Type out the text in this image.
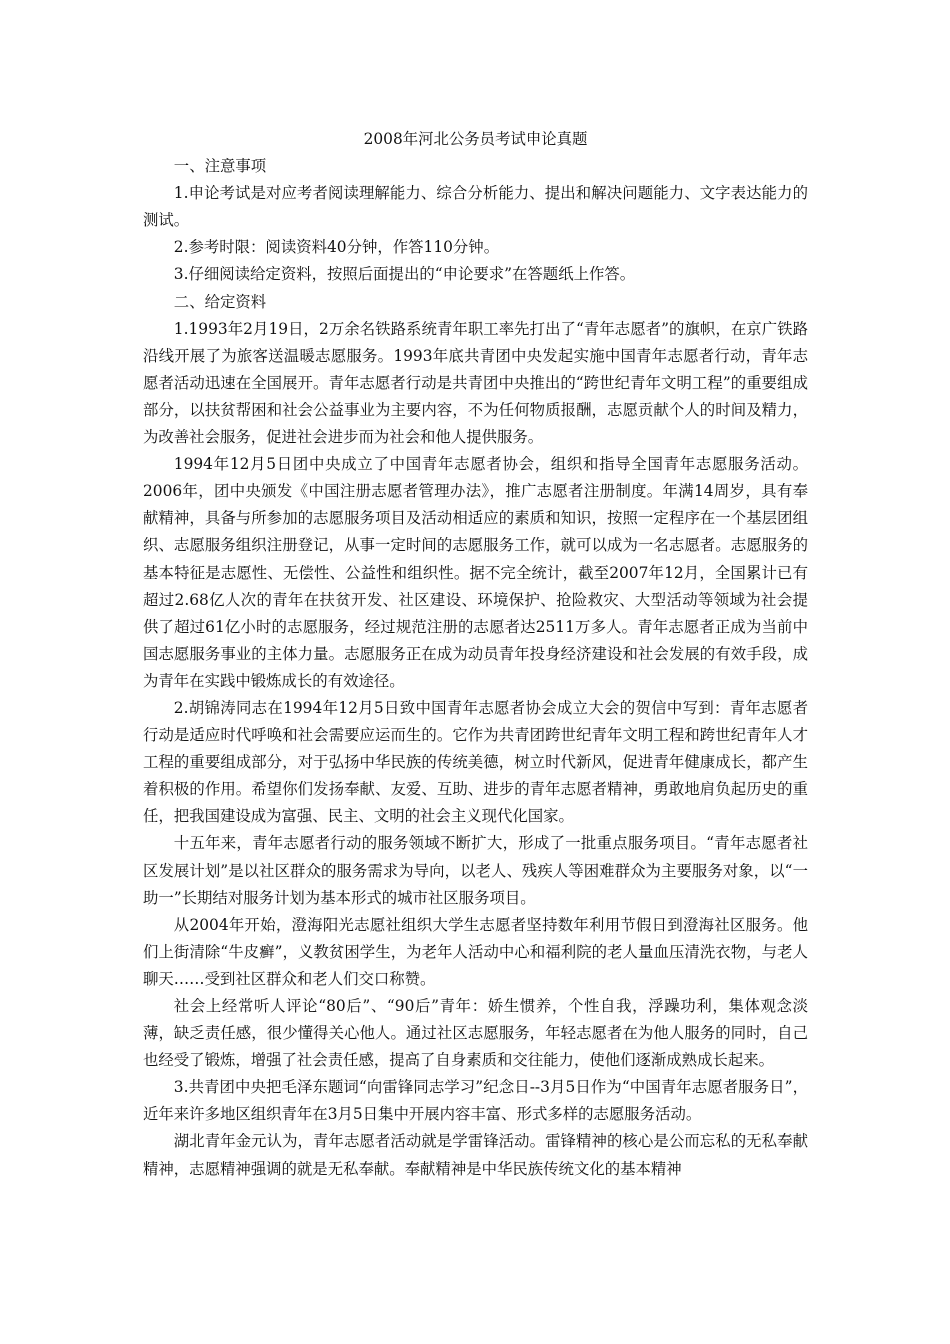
2008年河北公务员考试申论真题

一、注意事项

1.申论考试是对应考者阅读理解能力、综合分析能力、提出和解决问题能力、文字表达能力的测试。

2.参考时限：阅读资料40分钟，作答110分钟。

3.仔细阅读给定资料，按照后面提出的“申论要求”在答题纸上作答。

二、给定资料

1.1993年2月19日，2万余名铁路系统青年职工率先打出了“青年志愿者”的旗帜，在京广铁路沿线开展了为旅客送温暖志愿服务。1993年底共青团中央发起实施中国青年志愿者行动，青年志愿者活动迅速在全国展开。青年志愿者行动是共青团中央推出的“跨世纪青年文明工程”的重要组成部分，以扶贫帮困和社会公益事业为主要内容，不为任何物质报酬，志愿贡献个人的时间及精力，为改善社会服务，促进社会进步而为社会和他人提供服务。

1994年12月5日团中央成立了中国青年志愿者协会，组织和指导全国青年志愿服务活动。2006年，团中央颁发《中国注册志愿者管理办法》，推广志愿者注册制度。年满14周岁，具有奉献精神，具备与所参加的志愿服务项目及活动相适应的素质和知识，按照一定程序在一个基层团组织、志愿服务组织注册登记，从事一定时间的志愿服务工作，就可以成为一名志愿者。志愿服务的基本特征是志愿性、无偿性、公益性和组织性。据不完全统计，截至2007年12月，全国累计已有超过2.68亿人次的青年在扶贫开发、社区建设、环境保护、抢险救灾、大型活动等领域为社会提供了超过61亿小时的志愿服务，经过规范注册的志愿者达2511万多人。青年志愿者正成为当前中国志愿服务事业的主体力量。志愿服务正在成为动员青年投身经济建设和社会发展的有效手段，成为青年在实践中锻炼成长的有效途径。

2.胡锦涛同志在1994年12月5日致中国青年志愿者协会成立大会的贺信中写到：青年志愿者行动是适应时代呼唤和社会需要应运而生的。它作为共青团跨世纪青年文明工程和跨世纪青年人才工程的重要组成部分，对于弘扬中华民族的传统美德，树立时代新风，促进青年健康成长，都产生着积极的作用。希望你们发扬奉献、友爱、互助、进步的青年志愿者精神，勇敢地肩负起历史的重任，把我国建设成为富强、民主、文明的社会主义现代化国家。

十五年来，青年志愿者行动的服务领域不断扩大，形成了一批重点服务项目。“青年志愿者社区发展计划”是以社区群众的服务需求为导向，以老人、残疾人等困难群众为主要服务对象，以“一助一”长期结对服务计划为基本形式的城市社区服务项目。

从2004年开始，澄海阳光志愿社组织大学生志愿者坚持数年利用节假日到澄海社区服务。他们上街清除“牛皮癣”，义教贫困学生，为老年人活动中心和福利院的老人量血压清洗衣物，与老人聊天……受到社区群众和老人们交口称赞。

社会上经常听人评论“80后”、“90后”青年：娇生惯养，个性自我，浮躁功利，集体观念淡薄，缺乏责任感，很少懂得关心他人。通过社区志愿服务，年轻志愿者在为他人服务的同时，自己也经受了锻炼，增强了社会责任感，提高了自身素质和交往能力，使他们逐渐成熟成长起来。

3.共青团中央把毛泽东题词“向雷锋同志学习”纪念日--3月5日作为“中国青年志愿者服务日”，近年来许多地区组织青年在3月5日集中开展内容丰富、形式多样的志愿服务活动。

湖北青年金元认为，青年志愿者活动就是学雷锋活动。雷锋精神的核心是公而忘私的无私奉献精神，志愿精神强调的就是无私奉献。奉献精神是中华民族传统文化的基本精神
